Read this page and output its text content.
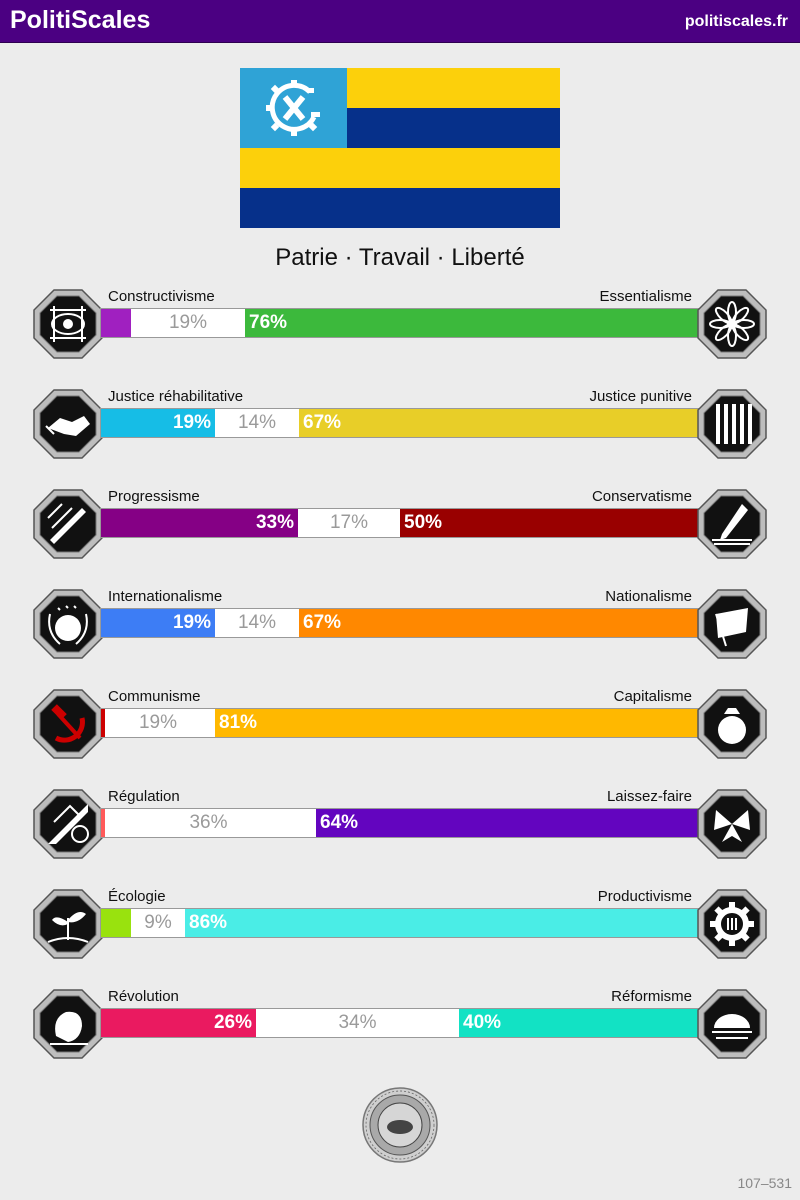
PolitiScales	politiscales.fr
Patrie · Travail · Liberté
Constructivisme	Essentialisme
19%	76%
Justice réhabilitative	Justice punitive
19%	14%	67%
Progressisme	Conservatisme
33%	17%	50%
Internationalisme	Nationalisme
19%	14%	67%
Communisme	Capitalisme
19%	81%
Régulation	Laissez-faire
36%	64%
Écologie	Productivisme
9% 86%
Révolution	Réformisme
26%	34%	40%
107–531
